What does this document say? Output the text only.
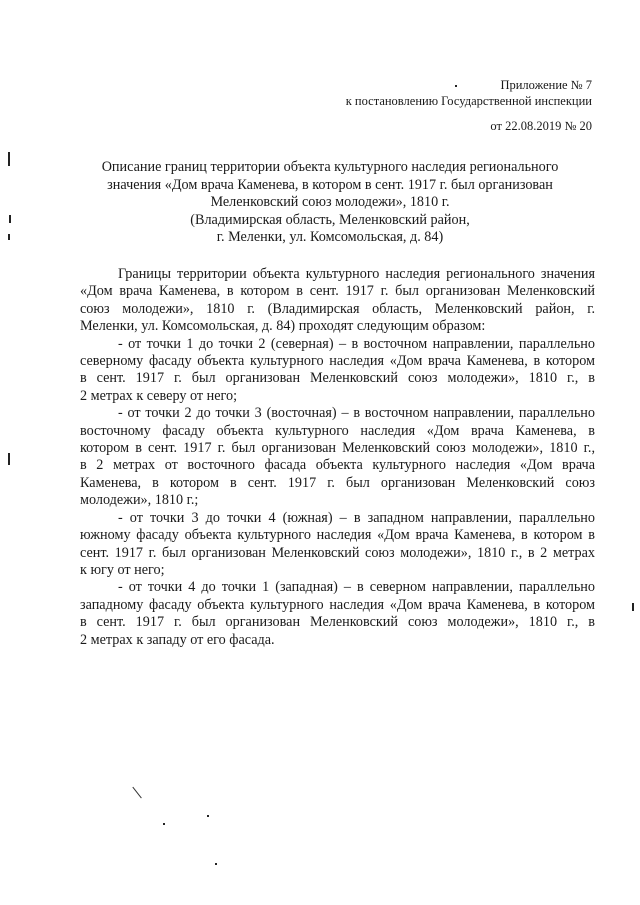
Приложение № 7
к постановлению Государственной инспекции
от 22.08.2019 № 20
Описание границ территории объекта культурного наследия регионального
значения «Дом врача Каменева, в котором в сент. 1917 г. был организован
Меленковский союз молодежи», 1810 г.
(Владимирская область, Меленковский район,
г. Меленки, ул. Комсомольская, д. 84)
Границы территории объекта культурного наследия регионального значения
«Дом врача Каменева, в котором в сент. 1917 г. был организован Меленковский
союз молодежи», 1810 г. (Владимирская область, Меленковский район, г.
Меленки, ул. Комсомольская, д. 84) проходят следующим образом:
- от точки 1 до точки 2 (северная) – в восточном направлении, параллельно
северному фасаду объекта культурного наследия «Дом врача Каменева, в котором
в сент. 1917 г. был организован Меленковский союз молодежи», 1810 г., в
2 метрах к северу от него;
- от точки 2 до точки 3 (восточная) – в восточном направлении, параллельно
восточному фасаду объекта культурного наследия «Дом врача Каменева, в
котором в сент. 1917 г. был организован Меленковский союз молодежи», 1810 г.,
в 2 метрах от восточного фасада объекта культурного наследия «Дом врача
Каменева, в котором в сент. 1917 г. был организован Меленковский союз
молодежи», 1810 г.;
- от точки 3 до точки 4 (южная) – в западном направлении, параллельно
южному фасаду объекта культурного наследия «Дом врача Каменева, в котором в
сент. 1917 г. был организован Меленковский союз молодежи», 1810 г., в 2 метрах
к югу от него;
- от точки 4 до точки 1 (западная) – в северном направлении, параллельно
западному фасаду объекта культурного наследия «Дом врача Каменева, в котором
в сент. 1917 г. был организован Меленковский союз молодежи», 1810 г., в
2 метрах к западу от его фасада.
